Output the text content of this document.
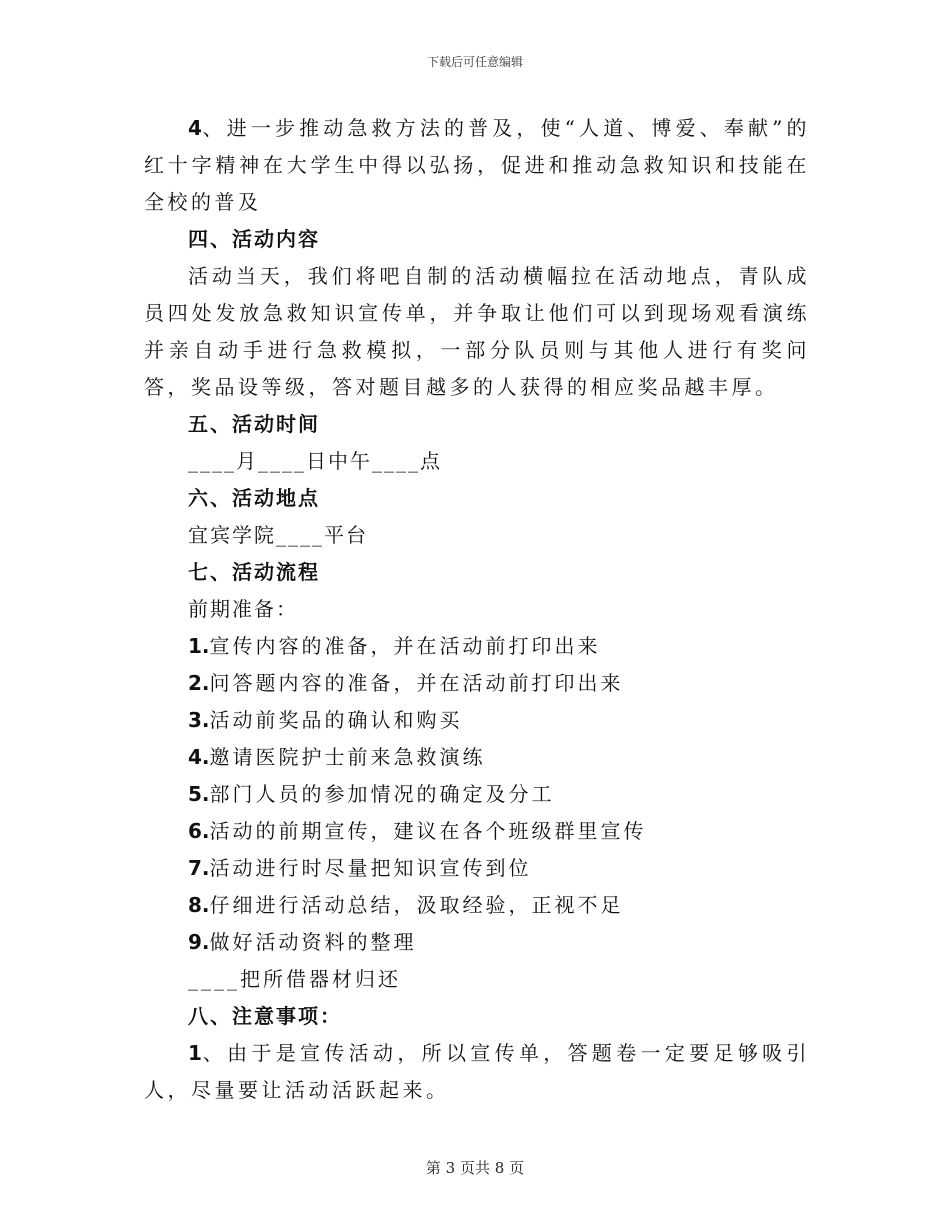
下载后可任意编辑

4、进一步推动急救方法的普及，使“人道、博爱、奉献”的红十字精神在大学生中得以弘扬，促进和推动急救知识和技能在全校的普及

四、活动内容

活动当天，我们将吧自制的活动横幅拉在活动地点，青队成员四处发放急救知识宣传单，并争取让他们可以到现场观看演练并亲自动手进行急救模拟，一部分队员则与其他人进行有奖问答，奖品设等级，答对题目越多的人获得的相应奖品越丰厚。

五、活动时间

____月____日中午____点

六、活动地点

宜宾学院____平台

七、活动流程

前期准备：

1.宣传内容的准备，并在活动前打印出来

2.问答题内容的准备，并在活动前打印出来

3.活动前奖品的确认和购买

4.邀请医院护士前来急救演练

5.部门人员的参加情况的确定及分工

6.活动的前期宣传，建议在各个班级群里宣传

7.活动进行时尽量把知识宣传到位

8.仔细进行活动总结，汲取经验，正视不足

9.做好活动资料的整理

____把所借器材归还

八、注意事项：

1、由于是宣传活动，所以宣传单，答题卷一定要足够吸引人，尽量要让活动活跃起来。

第 3 页共 8 页
